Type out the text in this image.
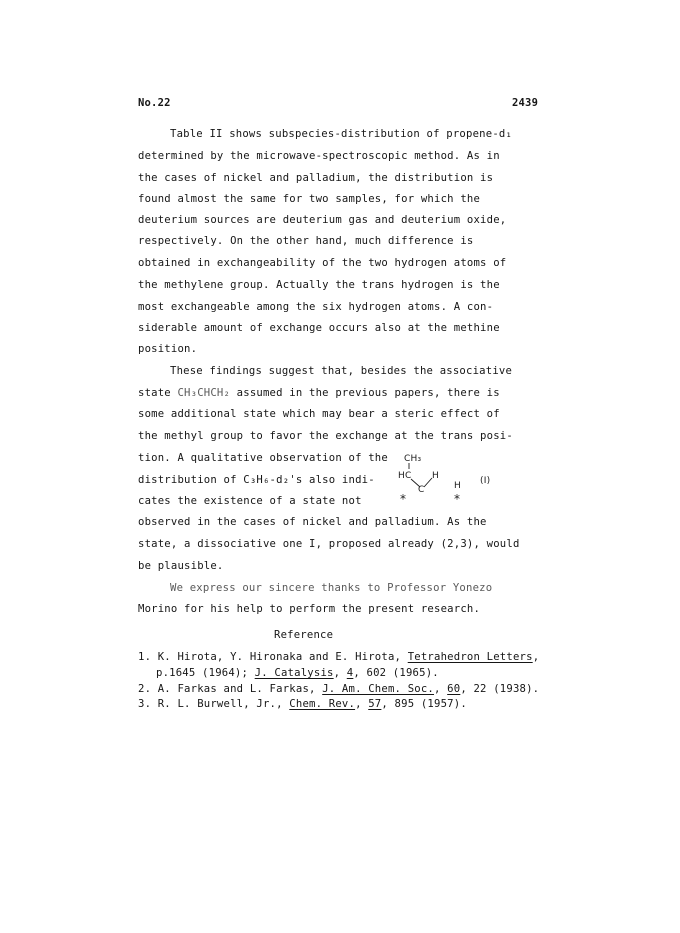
No.22	2439
Table II shows subspecies-distribution of propene-d₁
determined by the microwave-spectroscopic method. As in
the cases of nickel and palladium, the distribution is
found almost the same for two samples, for which the
deuterium sources are deuterium gas and deuterium oxide,
respectively. On the other hand, much difference is
obtained in exchangeability of the two hydrogen atoms of
the methylene group. Actually the trans hydrogen is the
most exchangeable among the six hydrogen atoms. A con-
siderable amount of exchange occurs also at the methine
position.
These findings suggest that, besides the associative
state CH₃CHCH₂ assumed in the previous papers, there is
some additional state which may bear a steric effect of
the methyl group to favor the exchange at the trans posi-
tion. A qualitative observation of the
distribution of C₃H₆-d₂'s also indi-
cates the existence of a state not
observed in the cases of nickel and palladium. As the
state, a dissociative one I, proposed already (2,3), would
be plausible.
CH₃
HC H
C	H (I)
*	*
We express our sincere thanks to Professor Yonezo
Morino for his help to perform the present research.
Reference
1. K. Hirota, Y. Hironaka and E. Hirota, Tetrahedron Letters,
p.1645 (1964); J. Catalysis, 4, 602 (1965).
2. A. Farkas and L. Farkas, J. Am. Chem. Soc., 60, 22 (1938).
3. R. L. Burwell, Jr., Chem. Rev., 57, 895 (1957).
